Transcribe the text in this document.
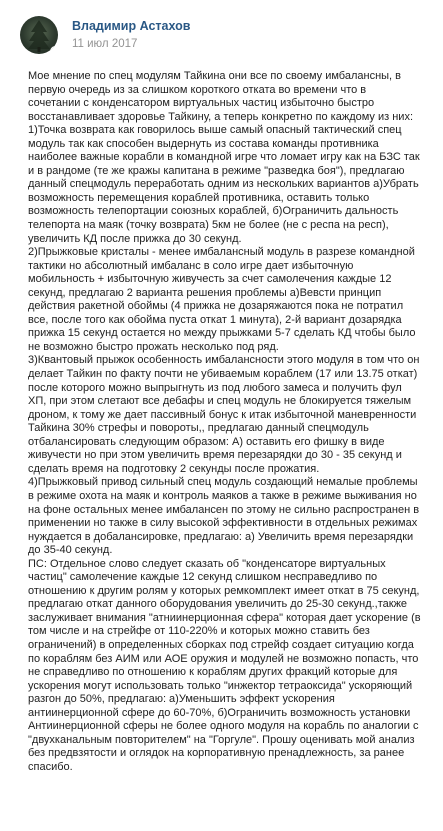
Владимир Астахов
11 июл 2017

Мое мнение по спец модулям Тайкина они все по своему имбалансны, в первую очередь из за слишком короткого отката во времени что в сочетании с конденсатором виртуальных частиц избыточно быстро восстанавливает здоровье Тайкину, а теперь конкретно по каждому из них:

1)Точка возврата как говорилось выше самый опасный тактический спец модуль так как способен выдернуть из состава команды противника наиболее важные корабли в командной игре что ломает игру как на БЗС так и в рандоме (те же кражы капитана в режиме "разведка боя"), предлагаю данный спецмодуль переработать одним из нескольких вариантов а)Убрать возможность перемещения кораблей противника, оставить только возможность телепортации союзных кораблей, б)Ограничить дальность телепорта на маяк (точку возврата) 5км не более (не с респа на респ), увеличить КД после прижка до 30 секунд.

2)Прыжковые кристалы - менее имбалансный модуль в разрезе командной тактики но абсолютный имбаланс в соло игре дает избыточную мобильность + избыточную живучесть за счет самолечения каждые 12 секунд, предлагаю 2 варианта решения проблемы а)Вевсти принцип действия ракетной обоймы (4 прижка не дозаряжаются пока не потратил все, после того как обойма пуста откат 1 минута), 2-й вариант дозарядка прижка 15 секунд остается но между прыжками 5-7 сделать КД чтобы было не возможно быстро прожать несколько под ряд.

3)Квантовый прыжок особенность имбалансности этого модуля в том что он делает Тайкин по факту почти не убиваемым кораблем (17 или 13.75 откат) после которого можно выпрыгнуть из под любого замеса и получить фул ХП, при этом слетают все дебафы и спец модуль не блокируется тяжелым дроном, к тому же дает пассивный бонус к итак избыточной маневренности Тайкина 30% стрефы и повороты,, предлагаю данный спецмодуль отбалансировать следующим образом: А) оставить его фишку в виде живучести но при этом увеличить время перезарядки до 30 - 35 секунд и сделать время на подготовку 2 секунды после прожатия.

4)Прыжковый привод сильный спец модуль создающий немалые проблемы в режиме охота на маяк и контроль маяков а также в режиме выживания но на фоне остальных менее имбалансен по этому не сильно распространен в применении но также в силу высокой эффективности в отдельных режимах нуждается в добалансировке, предлагаю: а) Увеличить время перезарядки до 35-40 секунд.

ПС: Отдельное слово следует сказать об "конденсаторе виртуальных частиц" самолечение каждые 12 секунд слишком несправедливо по отношению к другим ролям у которых ремкомплект имеет откат в 75 секунд, предлагаю откат данного оборудования увеличить до 25-30 секунд.,также заслуживает внимания "атниинерционная сфера" которая дает ускорение (в том числе и на стрейфе от 110-220% и которых можно ставить без ограничений) в определенных сборках под стрейф создает ситуацию когда по кораблям без АИМ или АОЕ оружия и модулей не возможно попасть, что не справедливо по отношению к кораблям других фракций которые для ускорения могут использовать только "инжектор тетраоксида" ускоряющий разгон до 50%, предлагаю: а)Уменьшить эффект ускорения антиинерционной сфере до 60-70%, б)Ограничить возможность установки Антиинерционной сферы не более одного модуля на корабль по аналогии с "двухканальным повторителем" на "Горгуле". Прошу оценивать мой анализ без предвзятости и оглядок на корпоративную пренадлежность, за ранее спасибо.
